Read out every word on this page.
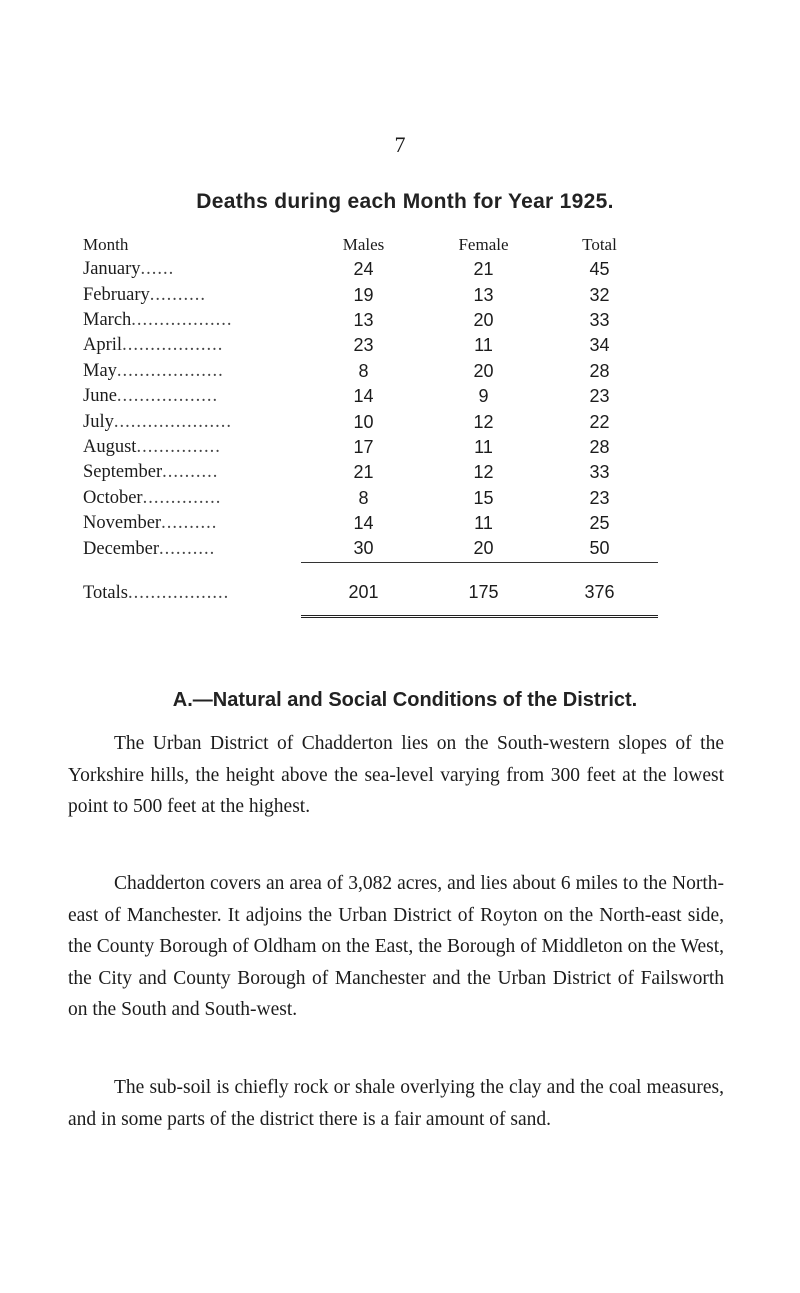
7
Deaths during each Month for Year 1925.
Month	Males	Female	Total
January......	24	21	45
February..........	19	13	32
March..................	13	20	33
April..................	23	11	34
May...................	8	20	28
June..................	14	9	23
July.....................	10	12	22
August...............	17	11	28
September..........	21	12	33
October..............	8	15	23
November..........	14	11	25
December..........	30	20	50
Totals..................	201	175	376
A.—Natural and Social Conditions of the District.

The Urban District of Chadderton lies on the South-western slopes of the Yorkshire hills, the height above the sea-level varying from 300 feet at the lowest point to 500 feet at the highest.

Chadderton covers an area of 3,082 acres, and lies about 6 miles to the North-east of Manchester. It adjoins the Urban District of Royton on the North-east side, the County Borough of Oldham on the East, the Borough of Middleton on the West, the City and County Borough of Manchester and the Urban District of Failsworth on the South and South-west.

The sub-soil is chiefly rock or shale overlying the clay and the coal measures, and in some parts of the district there is a fair amount of sand.
